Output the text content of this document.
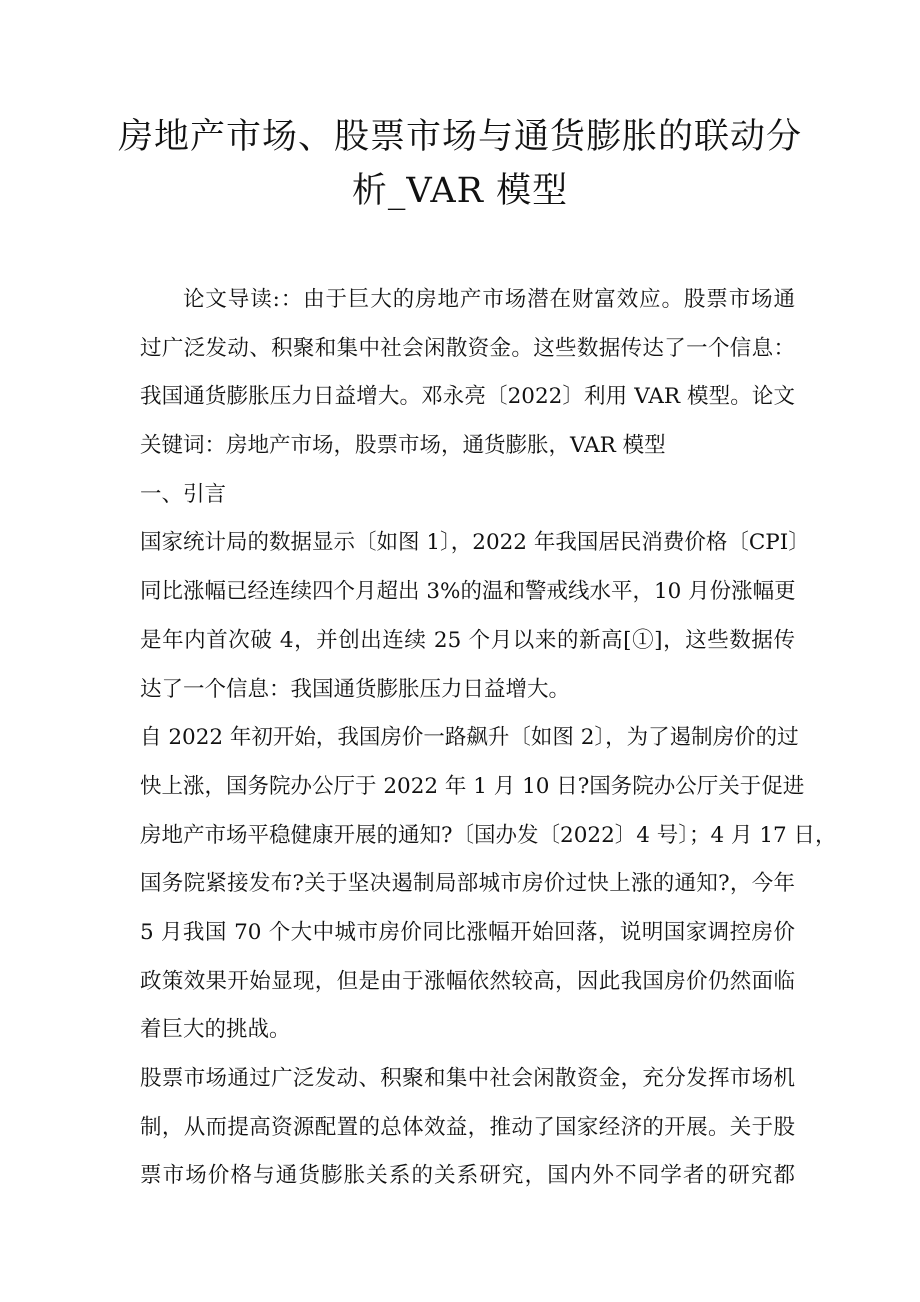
房地产市场、股票市场与通货膨胀的联动分
析_VAR 模型
论文导读:：由于巨大的房地产市场潜在财富效应。股票市场通
过广泛发动、积聚和集中社会闲散资金。这些数据传达了一个信息：
我国通货膨胀压力日益增大。邓永亮〔2022〕利用 VAR 模型。论文
关键词：房地产市场，股票市场，通货膨胀，VAR 模型
一、引言
国家统计局的数据显示〔如图 1〕，2022 年我国居民消费价格〔CPI〕
同比涨幅已经连续四个月超出 3%的温和警戒线水平，10 月份涨幅更
是年内首次破 4，并创出连续 25 个月以来的新高[①]，这些数据传
达了一个信息：我国通货膨胀压力日益增大。
自 2022 年初开始，我国房价一路飙升〔如图 2〕，为了遏制房价的过
快上涨，国务院办公厅于 2022 年 1 月 10 日?国务院办公厅关于促进
房地产市场平稳健康开展的通知?〔国办发〔2022〕4 号〕；4 月 17 日，
国务院紧接发布?关于坚决遏制局部城市房价过快上涨的通知?，今年
5 月我国 70 个大中城市房价同比涨幅开始回落，说明国家调控房价
政策效果开始显现，但是由于涨幅依然较高，因此我国房价仍然面临
着巨大的挑战。
股票市场通过广泛发动、积聚和集中社会闲散资金，充分发挥市场机
制，从而提高资源配置的总体效益，推动了国家经济的开展。关于股
票市场价格与通货膨胀关系的关系研究，国内外不同学者的研究都
